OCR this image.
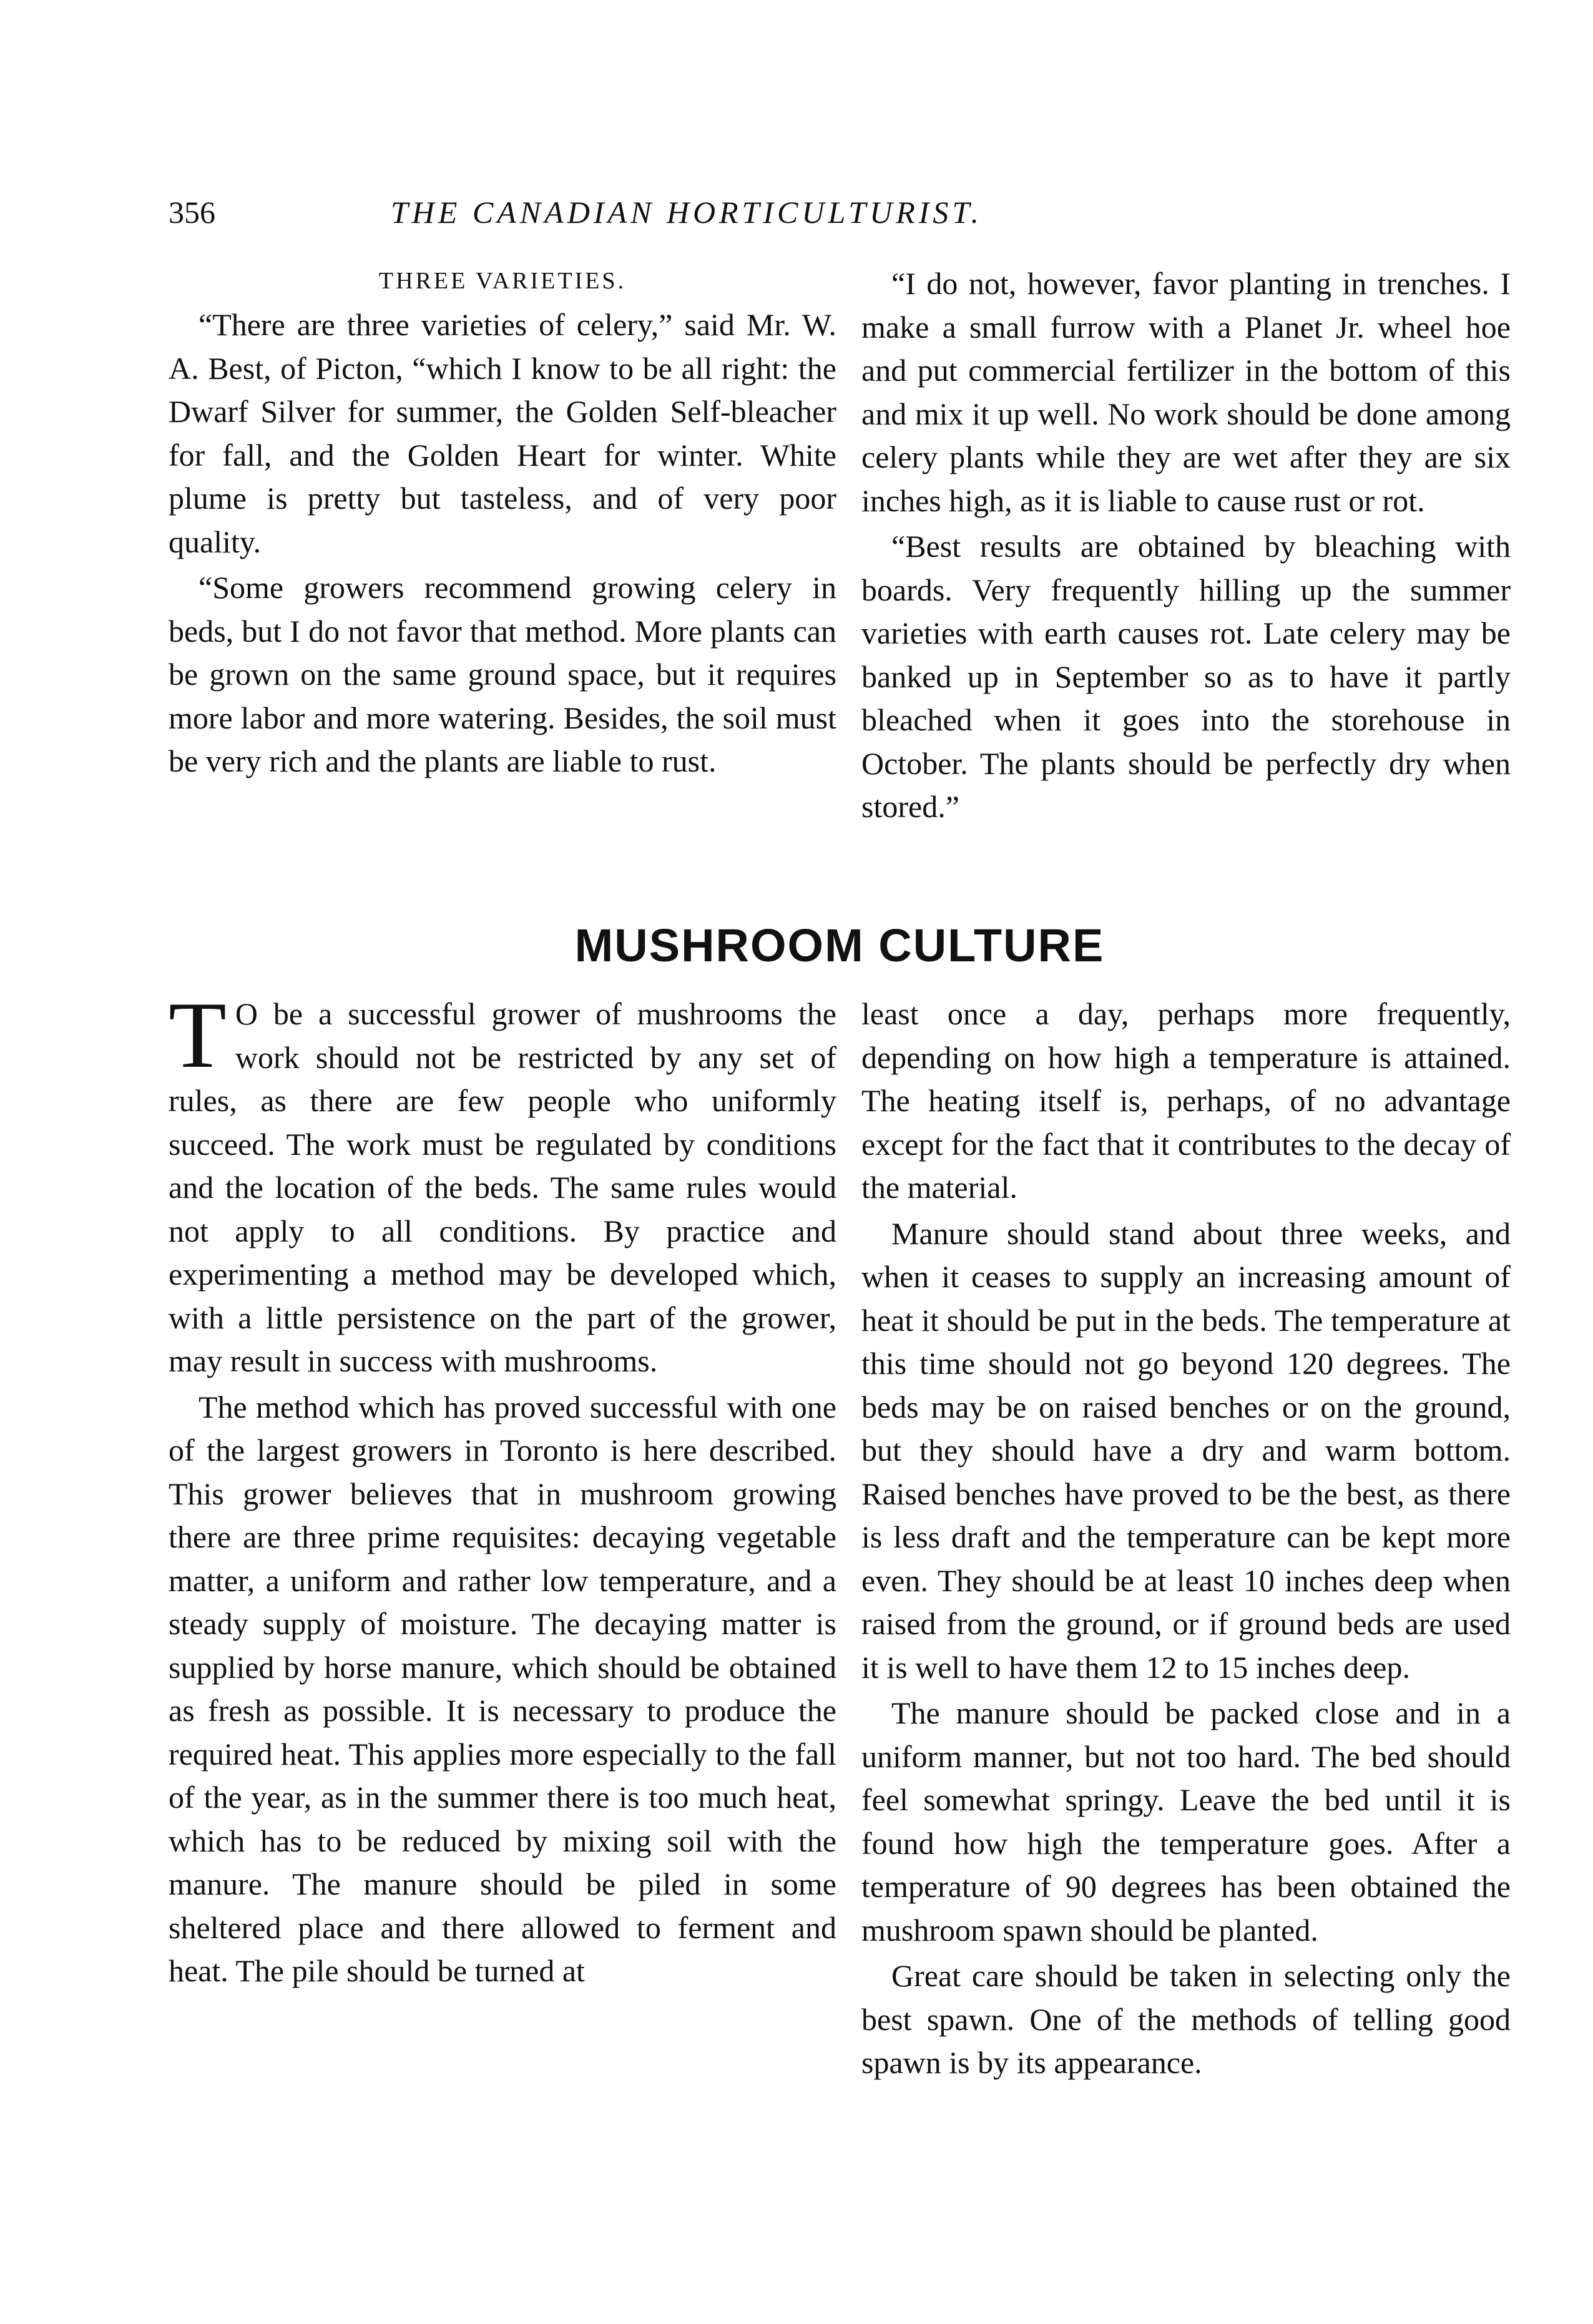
356	THE CANADIAN HORTICULTURIST.
THREE VARIETIES.

“There are three varieties of celery,” said Mr. W. A. Best, of Picton, “which I know to be all right: the Dwarf Silver for summer, the Golden Self-bleacher for fall, and the Golden Heart for winter. White plume is pretty but tasteless, and of very poor quality.

“Some growers recommend growing celery in beds, but I do not favor that method. More plants can be grown on the same ground space, but it requires more labor and more watering. Besides, the soil must be very rich and the plants are liable to rust.

“I do not, however, favor planting in trenches. I make a small furrow with a Planet Jr. wheel hoe and put commercial fertilizer in the bottom of this and mix it up well. No work should be done among celery plants while they are wet after they are six inches high, as it is liable to cause rust or rot.

“Best results are obtained by bleaching with boards. Very frequently hilling up the summer varieties with earth causes rot. Late celery may be banked up in September so as to have it partly bleached when it goes into the storehouse in October. The plants should be perfectly dry when stored.”

MUSHROOM CULTURE

T O be a successful grower of mushrooms the work should not be restricted by any set of rules, as there are few people who uniformly succeed. The work must be regulated by conditions and the location of the beds. The same rules would not apply to all conditions. By practice and experimenting a method may be developed which, with a little persistence on the part of the grower, may result in success with mushrooms.

The method which has proved successful with one of the largest growers in Toronto is here described. This grower believes that in mushroom growing there are three prime requisites: decaying vegetable matter, a uniform and rather low temperature, and a steady supply of moisture. The decaying matter is supplied by horse manure, which should be obtained as fresh as possible. It is necessary to produce the required heat. This applies more especially to the fall of the year, as in the summer there is too much heat, which has to be reduced by mixing soil with the manure. The manure should be piled in some sheltered place and there allowed to ferment and heat. The pile should be turned at

least once a day, perhaps more frequently, depending on how high a temperature is attained. The heating itself is, perhaps, of no advantage except for the fact that it contributes to the decay of the material.

Manure should stand about three weeks, and when it ceases to supply an increasing amount of heat it should be put in the beds. The temperature at this time should not go beyond 120 degrees. The beds may be on raised benches or on the ground, but they should have a dry and warm bottom. Raised benches have proved to be the best, as there is less draft and the temperature can be kept more even. They should be at least 10 inches deep when raised from the ground, or if ground beds are used it is well to have them 12 to 15 inches deep.

The manure should be packed close and in a uniform manner, but not too hard. The bed should feel somewhat springy. Leave the bed until it is found how high the temperature goes. After a temperature of 90 degrees has been obtained the mushroom spawn should be planted.

Great care should be taken in selecting only the best spawn. One of the methods of telling good spawn is by its appearance.
